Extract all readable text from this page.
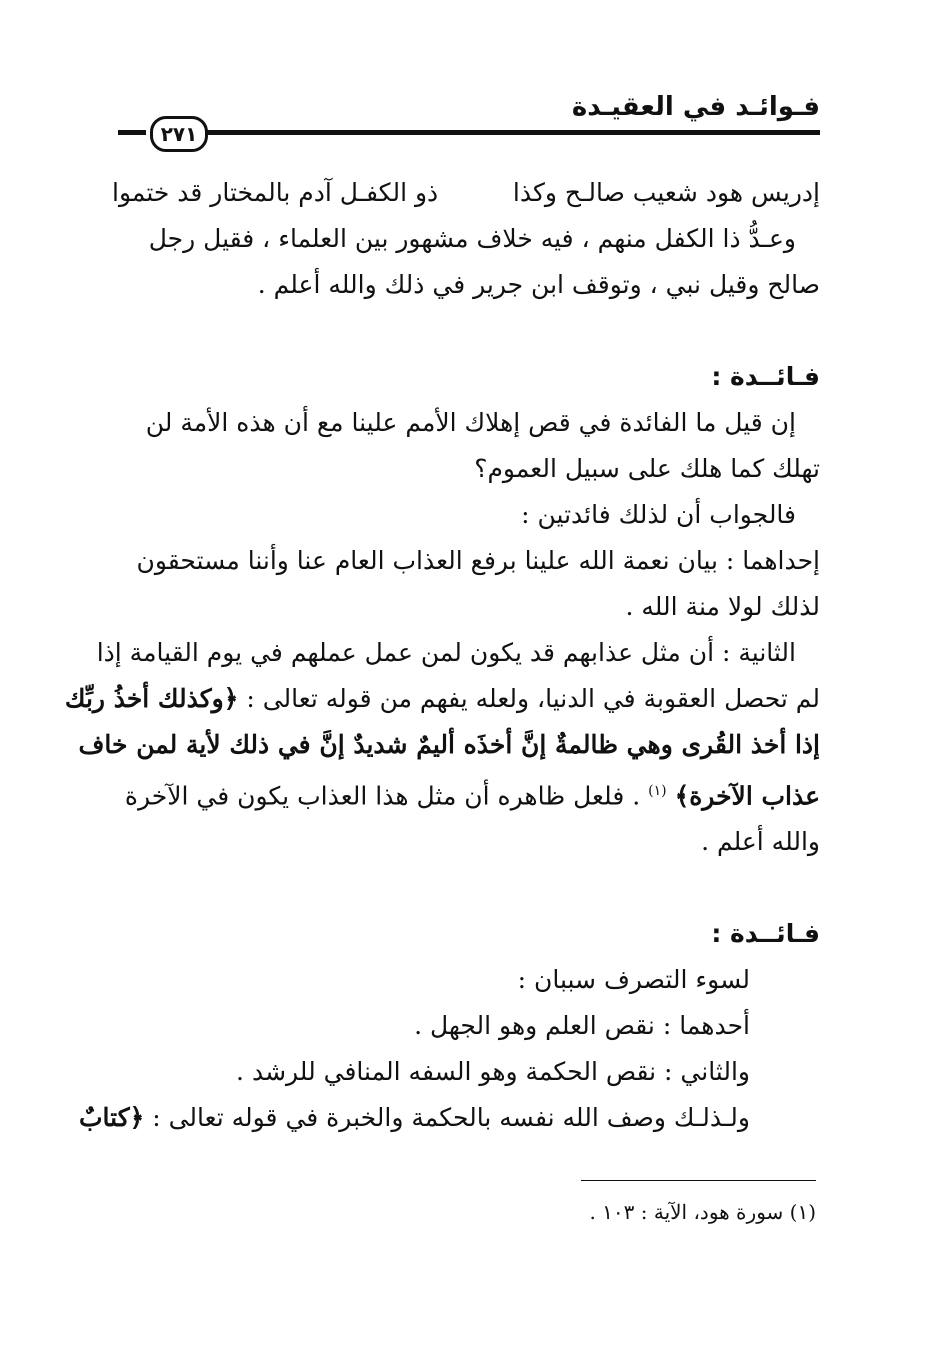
فـوائـد في العقيـدة
٢٧١
إدريس هود شعيب صالـح وكذا
ذو الكفـل آدم بالمختار قد ختموا
وعـدُّ ذا الكفل منهم ، فيه خلاف مشهور بين العلماء ، فقيل رجل
صالح وقيل نبي ، وتوقف ابن جرير في ذلك والله أعلم .
فـائــدة :
إن قيل ما الفائدة في قص إهلاك الأمم علينا مع أن هذه الأمة لن
تهلك كما هلك على سبيل العموم؟
فالجواب أن لذلك فائدتين :
إحداهما : بيان نعمة الله علينا برفع العذاب العام عنا وأننا مستحقون
لذلك لولا منة الله .
الثانية : أن مثل عذابهم قد يكون لمن عمل عملهم في يوم القيامة إذا
لم تحصل العقوبة في الدنيا، ولعله يفهم من قوله تعالى : ﴿وكذلك أخذُ ربِّك
إذا أخذ القُرى وهي ظالمةٌ إنَّ أخذَه أليمٌ شديدٌ إنَّ في ذلك لأية لمن خاف
عذاب الآخرة﴾ $^{(١)}$ . فلعل ظاهره أن مثل هذا العذاب يكون في الآخرة
والله أعلم .
فـائــدة :
لسوء التصرف سببان :
أحدهما : نقص العلم وهو الجهل .
والثاني : نقص الحكمة وهو السفه المنافي للرشد .
ولـذلـك وصف الله نفسه بالحكمة والخبرة في قوله تعالى : ﴿كتابٌ
(١) سورة هود، الآية : ١٠٣ .
